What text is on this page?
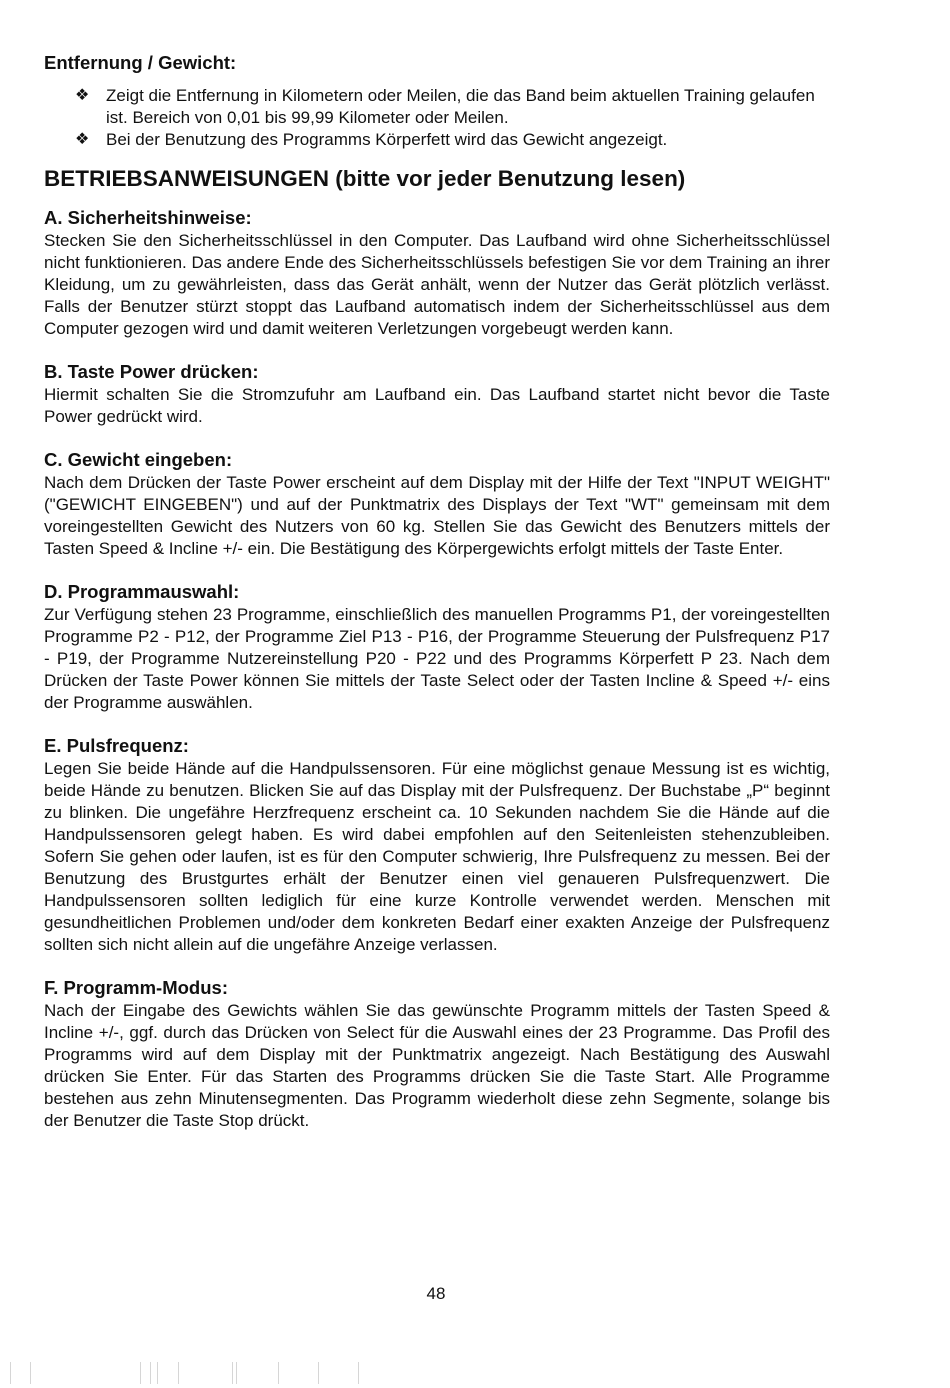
Entfernung / Gewicht:
❖ Zeigt die Entfernung in Kilometern oder Meilen, die das Band beim aktuellen Training gelaufen ist. Bereich von 0,01 bis 99,99 Kilometer oder Meilen.
❖ Bei der Benutzung des Programms Körperfett wird das Gewicht angezeigt.
BETRIEBSANWEISUNGEN (bitte vor jeder Benutzung lesen)
A. Sicherheitshinweise:

Stecken Sie den Sicherheitsschlüssel in den Computer. Das Laufband wird ohne Sicherheitsschlüssel nicht funktionieren. Das andere Ende des Sicherheitsschlüssels befestigen Sie vor dem Training an ihrer Kleidung, um zu gewährleisten, dass das Gerät anhält, wenn der Nutzer das Gerät plötzlich verlässt. Falls der Benutzer stürzt stoppt das Laufband automatisch indem der Sicherheitsschlüssel aus dem Computer gezogen wird und damit weiteren Verletzungen vorgebeugt werden kann.

B. Taste Power drücken:

Hiermit schalten Sie die Stromzufuhr am Laufband ein. Das Laufband startet nicht bevor die Taste Power gedrückt wird.

C. Gewicht eingeben:

Nach dem Drücken der Taste Power erscheint auf dem Display mit der Hilfe der Text "INPUT WEIGHT" ("GEWICHT EINGEBEN") und auf der Punktmatrix des Displays der Text "WT" gemeinsam mit dem voreingestellten Gewicht des Nutzers von 60 kg. Stellen Sie das Gewicht des Benutzers mittels der Tasten Speed & Incline +/- ein. Die Bestätigung des Körpergewichts erfolgt mittels der Taste Enter.

D. Programmauswahl:

Zur Verfügung stehen 23 Programme, einschließlich des manuellen Programms P1, der voreingestellten Programme P2 - P12, der Programme Ziel P13 - P16, der Programme Steuerung der Pulsfrequenz P17 - P19, der Programme Nutzereinstellung P20 - P22 und des Programms Körperfett P 23. Nach dem Drücken der Taste Power können Sie mittels der Taste Select oder der Tasten Incline & Speed +/- eins der Programme auswählen.

E. Pulsfrequenz:

Legen Sie beide Hände auf die Handpulssensoren. Für eine möglichst genaue Messung ist es wichtig, beide Hände zu benutzen. Blicken Sie auf das Display mit der Pulsfrequenz. Der Buchstabe „P“ beginnt zu blinken. Die ungefähre Herzfrequenz erscheint ca. 10 Sekunden nachdem Sie die Hände auf die Handpulssensoren gelegt haben. Es wird dabei empfohlen auf den Seitenleisten stehenzubleiben. Sofern Sie gehen oder laufen, ist es für den Computer schwierig, Ihre Pulsfrequenz zu messen. Bei der Benutzung des Brustgurtes erhält der Benutzer einen viel genaueren Pulsfrequenzwert. Die Handpulssensoren sollten lediglich für eine kurze Kontrolle verwendet werden. Menschen mit gesundheitlichen Problemen und/oder dem konkreten Bedarf einer exakten Anzeige der Pulsfrequenz sollten sich nicht allein auf die ungefähre Anzeige verlassen.

F. Programm-Modus:

Nach der Eingabe des Gewichts wählen Sie das gewünschte Programm mittels der Tasten Speed & Incline +/-, ggf. durch das Drücken von Select für die Auswahl eines der 23 Programme. Das Profil des Programms wird auf dem Display mit der Punktmatrix angezeigt. Nach Bestätigung des Auswahl drücken Sie Enter. Für das Starten des Programms drücken Sie die Taste Start. Alle Programme bestehen aus zehn Minutensegmenten. Das Programm wiederholt diese zehn Segmente, solange bis der Benutzer die Taste Stop drückt.

48
